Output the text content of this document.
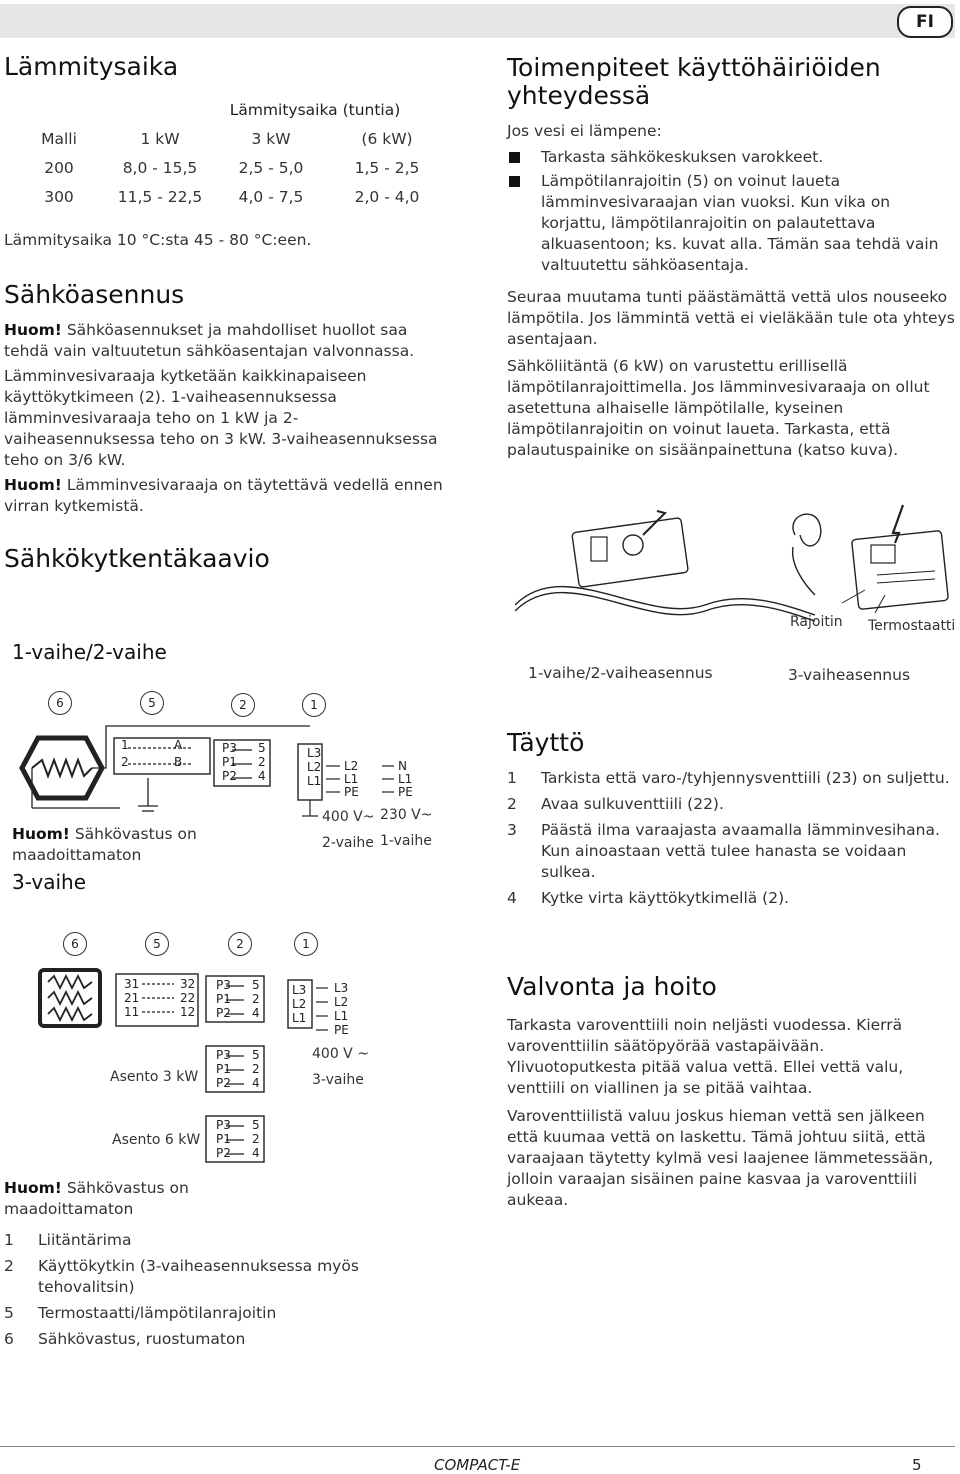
FI
Lämmitysaika
Lämmitysaika (tuntia)
Malli	1 kW	3 kW	(6 kW)
200	8,0 - 15,5	2,5 - 5,0	1,5 - 2,5
300	11,5 - 22,5	4,0 - 7,5	2,0 - 4,0
Lämmitysaika 10 °C:sta 45 - 80 °C:een.
Sähköasennus

Huom! Sähköasennukset ja mahdolliset huollot saa tehdä vain valtuutetun sähköasentajan valvonnassa.

Lämminvesivaraaja kytketään kaikkinapaiseen käyttökytkimeen (2). 1-vaiheasennuksessa lämminvesivaraaja teho on 1 kW ja 2-vaiheasennuksessa teho on 3 kW. 3-vaiheasennuksessa teho on 3/6 kW.

Huom! Lämminvesivaraaja on täytettävä vedellä ennen virran kytkemistä.

Sähkökytkentäkaavio
1-vaihe/2-vaihe
6	5	2	1
1
2
A
B
P3
P1
P2
5
2
4
L3
L2
L1
L2
L1
PE
N
L1
PE
400 V~ 230 V~
2-vaihe 1-vaihe

Huom! Sähkövastus on maadoittamaton

3-vaihe
6	5	2	1
31
21
11
32
22
12
P3
P1
P2
5
2
4
P3
P1
P2
5
2
4
P3
P1
P2
5
2
4
L3
L2
L1
L3
L2
L1
PE
400 V ~
3-vaihe
Asento 3 kW
Asento 6 kW

Huom! Sähkövastus on maadoittamaton

1 Liitäntärima
2 Käyttökytkin (3-vaiheasennuksessa myös tehovalitsin)
5 Termostaatti/lämpötilanrajoitin
6 Sähkövastus, ruostumaton
Toimenpiteet käyttöhäiriöiden yhteydessä
Jos vesi ei lämpene:
Tarkasta sähkökeskuksen varokkeet.
Lämpötilanrajoitin (5) on voinut laueta lämminvesivaraajan vian vuoksi. Kun vika on korjattu, lämpötilanrajoitin on palautettava alkuasentoon; ks. kuvat alla. Tämän saa tehdä vain valtuutettu sähköasentaja.

Seuraa muutama tunti päästämättä vettä ulos nouseeko lämpötila. Jos lämmintä vettä ei vieläkään tule ota yhteys asentajaan.

Sähköliitäntä (6 kW) on varustettu erillisellä lämpötilanrajoittimella. Jos lämminvesivaraaja on ollut asetettuna alhaiselle lämpötilalle, kyseinen lämpötilanrajoitin on voinut laueta. Tarkasta, että palautuspainike on sisäänpainettuna (katso kuva).

Rajoitin Termostaatti
1-vaihe/2-vaiheasennus	3-vaiheasennus
Täyttö
1 Tarkista että varo-/tyhjennysventtiili (23) on suljettu.
2 Avaa sulkuventtiili (22).
3 Päästä ilma varaajasta avaamalla lämminvesihana. Kun ainoastaan vettä tulee hanasta se voidaan sulkea.
4 Kytke virta käyttökytkimellä (2).
Valvonta ja hoito

Tarkasta varoventtiili noin neljästi vuodessa. Kierrä varoventtiilin säätöpyörää vastapäivään. Ylivuotoputkesta pitää valua vettä. Ellei vettä valu, venttiili on viallinen ja se pitää vaihtaa.

Varoventtiilistä valuu joskus hieman vettä sen jälkeen että kuumaa vettä on laskettu. Tämä johtuu siitä, että varaajaan täytetty kylmä vesi laajenee lämmetessään, jolloin varaajan sisäinen paine kasvaa ja varoventtiili aukeaa.

COMPACT-E	5
